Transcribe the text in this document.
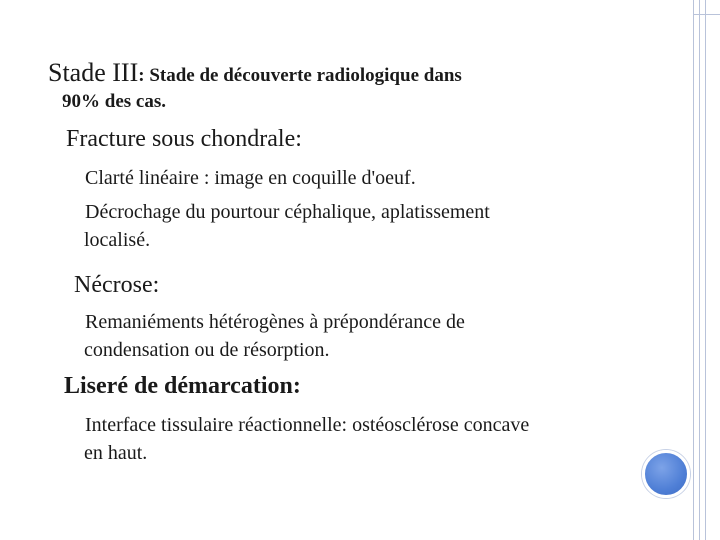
Stade III: Stade de découverte radiologique dans
90% des cas.
Fracture sous chondrale:
Clarté linéaire : image en coquille d'oeuf.
Décrochage du pourtour céphalique, aplatissement
localisé.
Nécrose:
Remaniéments hétérogènes à prépondérance de
condensation ou de résorption.
Liseré de démarcation:
Interface tissulaire réactionnelle: ostéosclérose concave
en haut.
